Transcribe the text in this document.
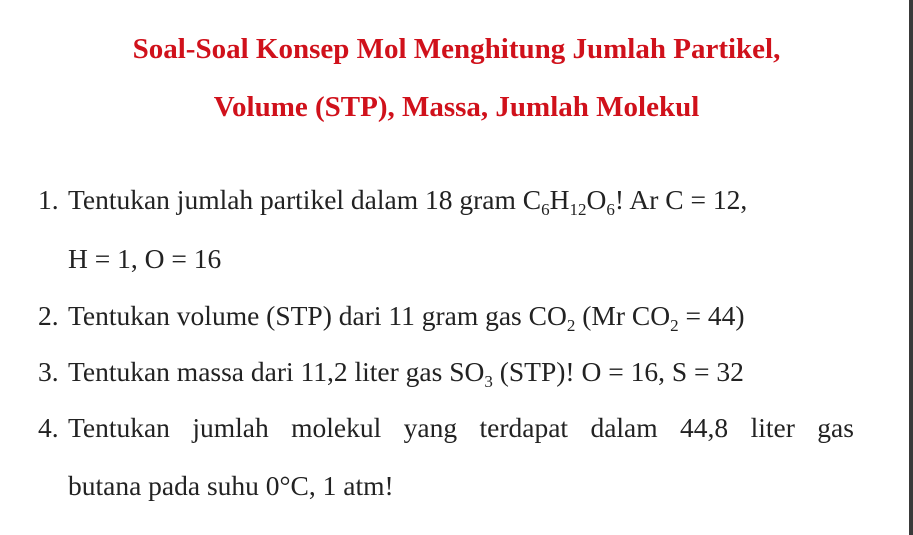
Soal-Soal Konsep Mol Menghitung Jumlah Partikel,
Volume (STP), Massa, Jumlah Molekul
1. Tentukan jumlah partikel dalam 18 gram $C_6H_{12}O_6$! Ar C = 12,
H = 1, O = 16
2. Tentukan volume (STP) dari 11 gram gas $CO_2$ (Mr $CO_2 = 44$)
3. Tentukan massa dari 11,2 liter gas $SO_3$ (STP)! O = 16, S = 32
4. Tentukan jumlah molekul yang terdapat dalam 44,8 liter gas
butana pada suhu 0°C, 1 atm!
